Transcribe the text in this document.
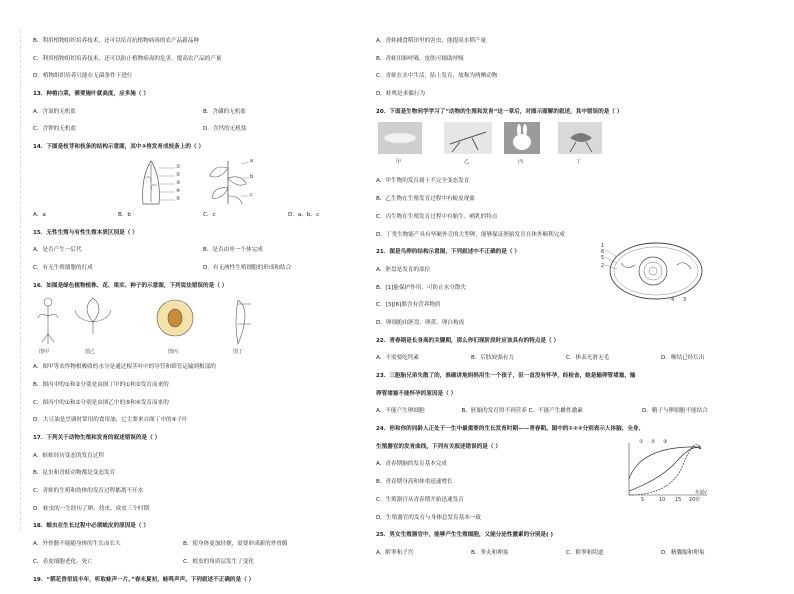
B．利用植物组织培养技术，还可以培育抗植物病毒的农产品新品种
C．利用植物组织培养技术，还可以防止植物病毒的危害，提高农产品的产量
D．植物组织培养只能在无菌条件下进行
13．种植白菜，需要施叶就高度，应多施（ ）
A．含氮的无机盐	B．含磷的无机盐
C．含钾的无机盐	D．含钙的无机盐
14．下图是枝芽和枝条的结构示意图，其中③将发育成枝条上的（ ）
①
②
③
④
⑤
a
b
c
A．a	B．b	C．c	D．a、b、c
15．无性生殖与有性生殖本质区别是（ ）
A．是否产生一后代	B．是否由单一个体完成
C．有无生殖细胞的打成	D．有无两性生殖细胞的形成和结合
16．如图是绿色植物植株、花、果实、种子的示意图，下列说法错误的是（ ）
图甲	图乙	图丙	图丁
A．图甲等农作物根吸收的水分是通过根茎叶中的导管和筛管运输到根部的
B．图丙中的①和②分别是由图丁中的①和②发育而来的
C．图丙中的①和②分别是由图乙中的⑤和⑥发育而来的
D．大豆油是烹调时常用的食用油，它主要来自图丁中的④子叶
17．下列关于动物生殖和发育的叙述错误的是（ ）
A．蛙蛙经历变态的发育过程
B．昆虫和青蛙动物都是变态发育
C．青蛙的生殖和幼体的发育过程都离不开水
D．蛙虫的一生经历了卵、幼虫、成虫三个时期
18．蝗虫在生长过程中必须蜕皮的原因是（ ）
A．外骨骼不能随身体的生长而长大	B．使身体更加轻便，需要形成新的外骨骼
C．表皮细胞老化、死亡	C．蝗虫的角质层发生了变化
19．“稻花香里说丰年，听取蛙声一片。”春末夏初，蛙鸣声声。下列叙述不正确的是（ ）
A．青蛙捕食稻田里的害虫，能提高水稻产量
B．青蛙用肺呼吸，皮肤可辅助呼吸
C．青蛙在水中生活，陆上发育，故称为两栖动物
D．蛙鸣是求偶行为
20．下面是生物同学学习了“动物的生殖和发育”这一章后，对图示图解的叙述，其中错误的是（ ）
甲	乙	丙	丁
A．甲生物的发育属于不完全变态发育
B．乙生物在生殖发育过程中有蜕皮现象
C．丙生物在生殖发育过程中有胎生、哺乳的特点
D．丁类生物能产具有坚硬外壳的大型卵，能够保证胚胎发育在体外顺利完成
21．图是鸟卵的结构示意图，下列叙述中不正确的是（ ）
A．胚盘是发育的部位
B．[1]能保护作用，可防止水分散失
C．[3][6]都含有营养物质
D．卵细胞由胚盘、卵黄、卵白构成
1
2
3
4
5
6
22．青春期是长身高的关键期，那么你们现阶段时应该具有的特点是（ ）
A．不需要吃钙素	B．后肢较强有力	C．体表光滑无毛	D．喉结已经长出
23．三胞胎兄弟失散了的，准确讲地妈妈用生一个孩子，但一直没有怀孕，经检查，她是输卵管堵塞，输
卵管堵塞不能怀孕的原因是（ ）
A．不能产生卵细胞	B．胚胎的发育得不到营养 C．不能产生雌性激素	D．精子与卵细胞不能结合
24．你和你的同龄人正处于一生中最重要的生长发育时期——青春期。图中的①②③分别表示人体脑、全身、
生殖器官的发育曲线，下列有关叙述错误的是（ ）
A．青春期脑的发育基本完成
B．青春期身高和体重迅速增长
C．生殖器官从青春期开始迅速发育
D．生殖器官的发育与身体总发育基本一致
① ② ③
5	10 15 20
年龄/岁
25．男女生殖器官中，能够产生生殖细胞，又能分泌性激素的分别是( )
A．附睾和子宫	B．睾丸和卵巢	C．附睾和阴道	D．精囊腺和卵巢
